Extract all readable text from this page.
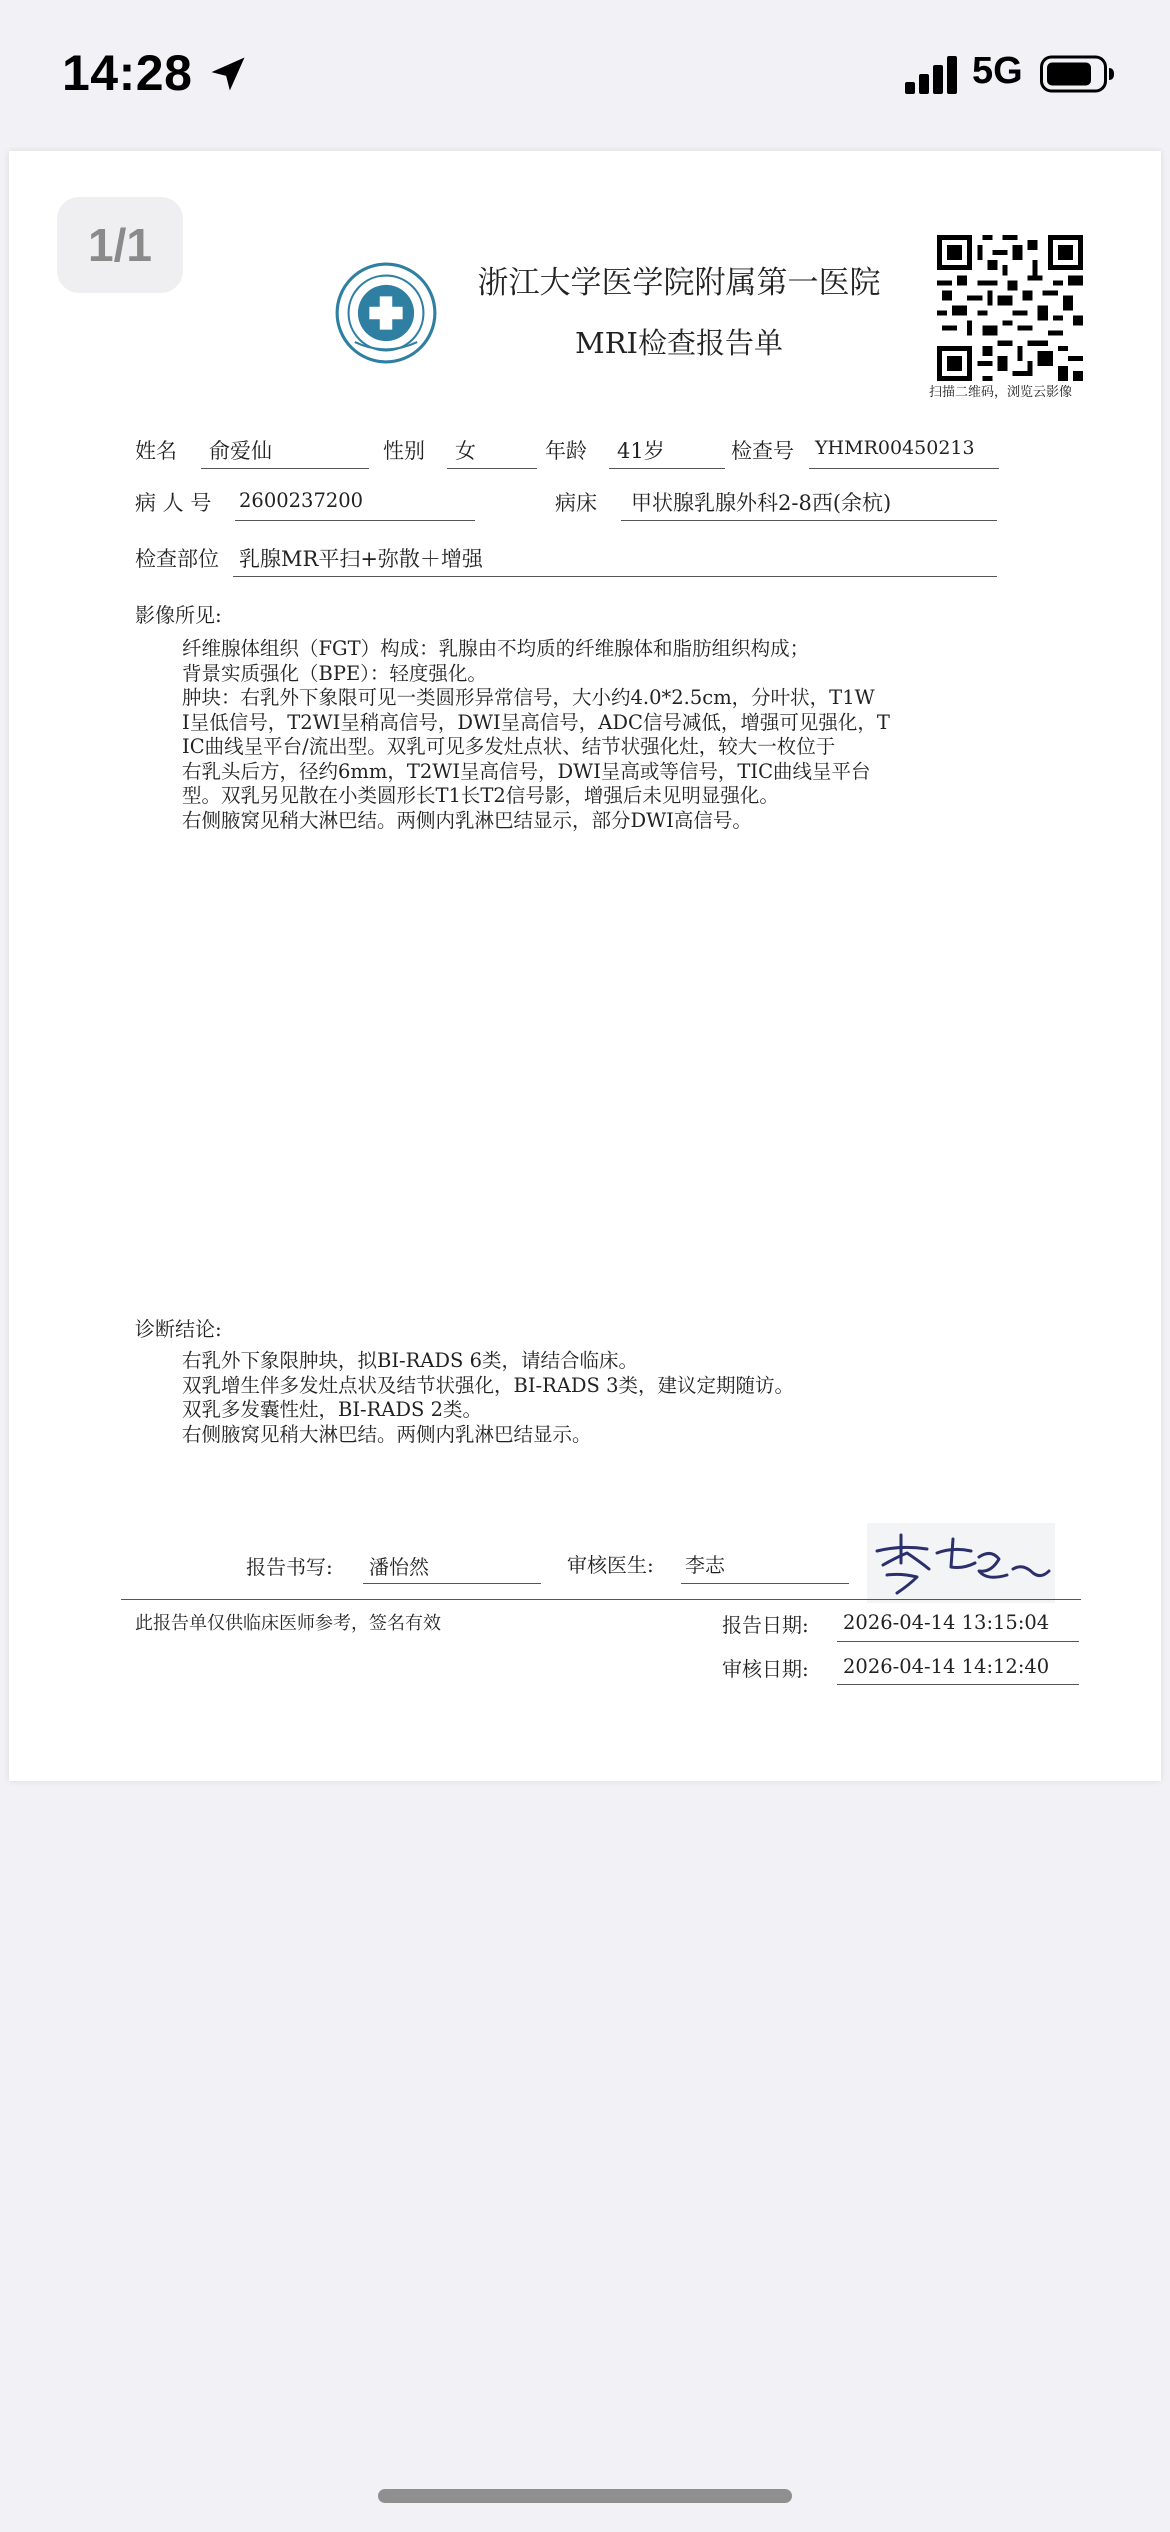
14:28	5G
1/1
浙江大学医学院附属第一医院
MRI检查报告单
扫描二维码，浏览云影像
姓名 俞爱仙	性别 女	年龄 41岁	检查号 YHMR00450213
病 人 号 2600237200	病床 甲状腺乳腺外科2-8西(余杭)
检查部位 乳腺MR平扫+弥散＋增强
影像所见:
纤维腺体组织（FGT）构成：乳腺由不均质的纤维腺体和脂肪组织构成；
背景实质强化（BPE）：轻度强化。
肿块：右乳外下象限可见一类圆形异常信号，大小约4.0*2.5cm，分叶状，T1W
I呈低信号，T2WI呈稍高信号，DWI呈高信号，ADC信号减低，增强可见强化，T
IC曲线呈平台/流出型。双乳可见多发灶点状、结节状强化灶，较大一枚位于
右乳头后方，径约6mm，T2WI呈高信号，DWI呈高或等信号，TIC曲线呈平台
型。双乳另见散在小类圆形长T1长T2信号影，增强后未见明显强化。
右侧腋窝见稍大淋巴结。两侧内乳淋巴结显示，部分DWI高信号。
诊断结论:
右乳外下象限肿块，拟BI-RADS 6类，请结合临床。
双乳增生伴多发灶点状及结节状强化，BI-RADS 3类，建议定期随访。
双乳多发囊性灶，BI-RADS 2类。
右侧腋窝见稍大淋巴结。两侧内乳淋巴结显示。
报告书写: 潘怡然	审核医生: 李志
此报告单仅供临床医师参考，签名有效	报告日期: 2026-04-14 13:15:04
审核日期: 2026-04-14 14:12:40
